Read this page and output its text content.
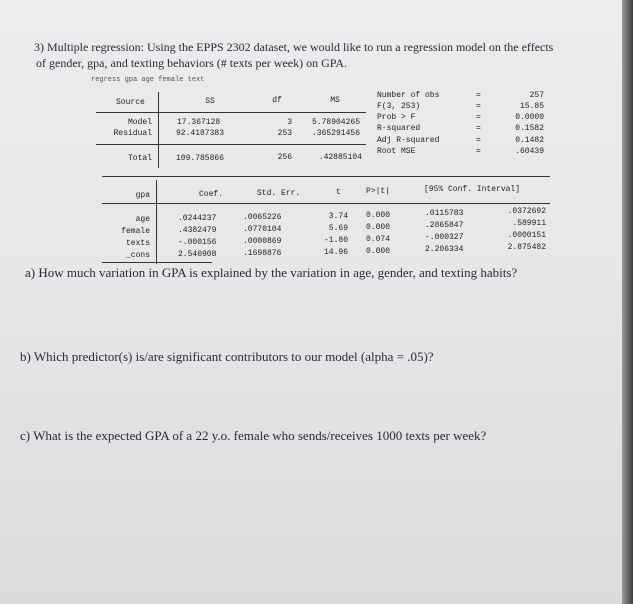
3) Multiple regression: Using the EPPS 2302 dataset, we would like to run a regression model on the effects
of gender, gpa, and texting behaviors (# texts per week) on GPA.
regress gpa age female text
Source	SS	df	MS
Model	17.367128	3	5.78904265
Residual	92.4187383	253	.365291456
Total	109.785866	256	.42885104
Number of obs	=	257
F(3, 253)	=	15.85
Prob > F	=	0.0000
R-squared	=	0.1582
Adj R-squared	=	0.1482
Root MSE	=	.60439
gpa	Coef.	Std. Err.	t	P>|t|	[95% Conf. Interval]
age	.0244237	.0065226	3.74 0.000	.0115783	.0372692
female	.4382479	.0770104	5.69 0.000	.2865847	.589911
texts	-.000156	.0000869	-1.80 0.074	-.000327	.0000151
_cons	2.540908	.1698876	14.96 0.000	2.206334	2.875482
a) How much variation in GPA is explained by the variation in age, gender, and texting habits?
b) Which predictor(s) is/are significant contributors to our model (alpha = .05)?
c) What is the expected GPA of a 22 y.o. female who sends/receives 1000 texts per week?
